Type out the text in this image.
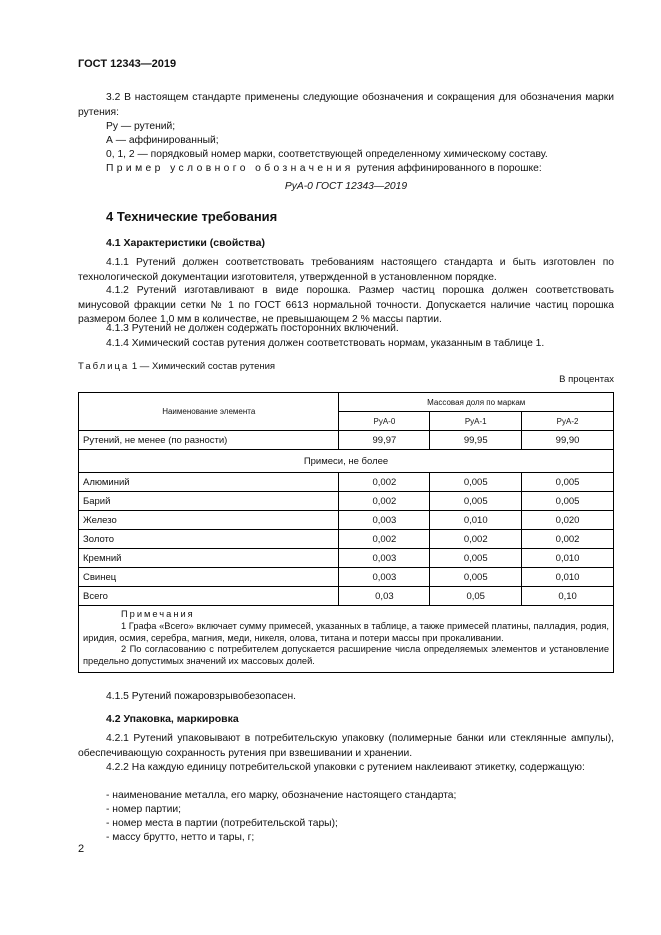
ГОСТ 12343—2019
3.2 В настоящем стандарте применены следующие обозначения и сокращения для обозначения марки рутения:
Ру — рутений;
А — аффинированный;
0, 1, 2 — порядковый номер марки, соответствующей определенному химическому составу.
Пример условного обозначения рутения аффинированного в порошке:
РуА-0 ГОСТ 12343—2019
4 Технические требования
4.1 Характеристики (свойства)
4.1.1 Рутений должен соответствовать требованиям настоящего стандарта и быть изготовлен по технологической документации изготовителя, утвержденной в установленном порядке.
4.1.2 Рутений изготавливают в виде порошка. Размер частиц порошка должен соответствовать минусовой фракции сетки № 1 по ГОСТ 6613 нормальной точности. Допускается наличие частиц порошка размером более 1,0 мм в количестве, не превышающем 2 % массы партии.
4.1.3 Рутений не должен содержать посторонних включений.
4.1.4 Химический состав рутения должен соответствовать нормам, указанным в таблице 1.
Таблица 1 — Химический состав рутения
В процентах
Наименование элемента	Массовая доля по маркам		
	РуА-0	РуА-1	РуА-2
Рутений, не менее (по разности)	99,97	99,95	99,90
Примеси, не более			
Алюминий	0,002	0,005	0,005
Барий	0,002	0,005	0,005
Железо	0,003	0,010	0,020
Золото	0,002	0,002	0,002
Кремний	0,003	0,005	0,010
Свинец	0,003	0,005	0,010
Всего	0,03	0,05	0,10

Примечания
1 Графа «Всего» включает сумму примесей, указанных в таблице, а также примесей платины, палладия, родия, иридия, осмия, серебра, магния, меди, никеля, олова, титана и потери массы при прокаливании.
2 По согласованию с потребителем допускается расширение числа определяемых элементов и установление предельно допустимых значений их массовых долей.			
4.1.5 Рутений пожаровзрывобезопасен.
4.2 Упаковка, маркировка
4.2.1 Рутений упаковывают в потребительскую упаковку (полимерные банки или стеклянные ампулы), обеспечивающую сохранность рутения при взвешивании и хранении.
4.2.2 На каждую единицу потребительской упаковки с рутением наклеивают этикетку, содержащую:
- наименование металла, его марку, обозначение настоящего стандарта;
- номер партии;
- номер места в партии (потребительской тары);
- массу брутто, нетто и тары, г;
2
